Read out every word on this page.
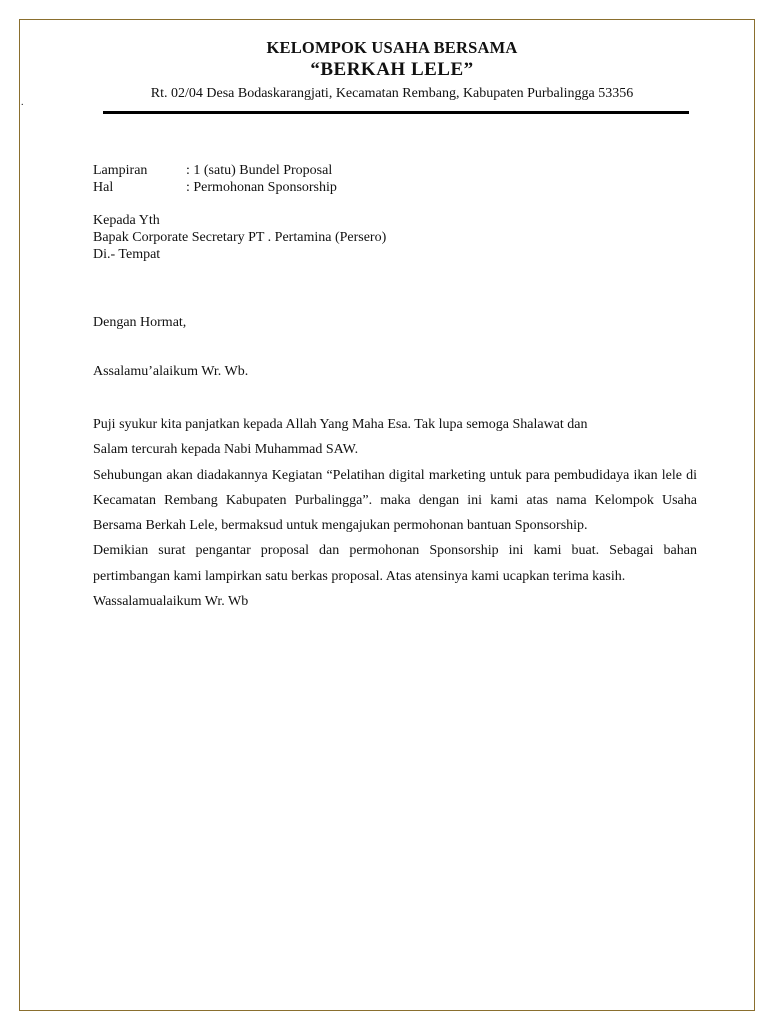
.
KELOMPOK USAHA BERSAMA
“BERKAH LELE”
Rt. 02/04 Desa Bodaskarangjati, Kecamatan Rembang, Kabupaten Purbalingga 53356
Lampiran	: 1 (satu) Bundel Proposal
Hal	: Permohonan Sponsorship
Kepada Yth
Bapak Corporate Secretary PT . Pertamina (Persero)
Di.- Tempat
Dengan Hormat,
Assalamu’alaikum Wr. Wb.

Puji syukur kita panjatkan kepada Allah Yang Maha Esa. Tak lupa semoga Shalawat dan

Salam tercurah kepada Nabi Muhammad SAW.

Sehubungan akan diadakannya Kegiatan “Pelatihan digital marketing untuk para pembudidaya ikan lele di Kecamatan Rembang Kabupaten Purbalingga”. maka dengan ini kami atas nama Kelompok Usaha Bersama Berkah Lele, bermaksud untuk mengajukan permohonan bantuan Sponsorship.

Demikian surat pengantar proposal dan permohonan Sponsorship ini kami buat. Sebagai bahan pertimbangan kami lampirkan satu berkas proposal. Atas atensinya kami ucapkan terima kasih.

Wassalamualaikum Wr. Wb
